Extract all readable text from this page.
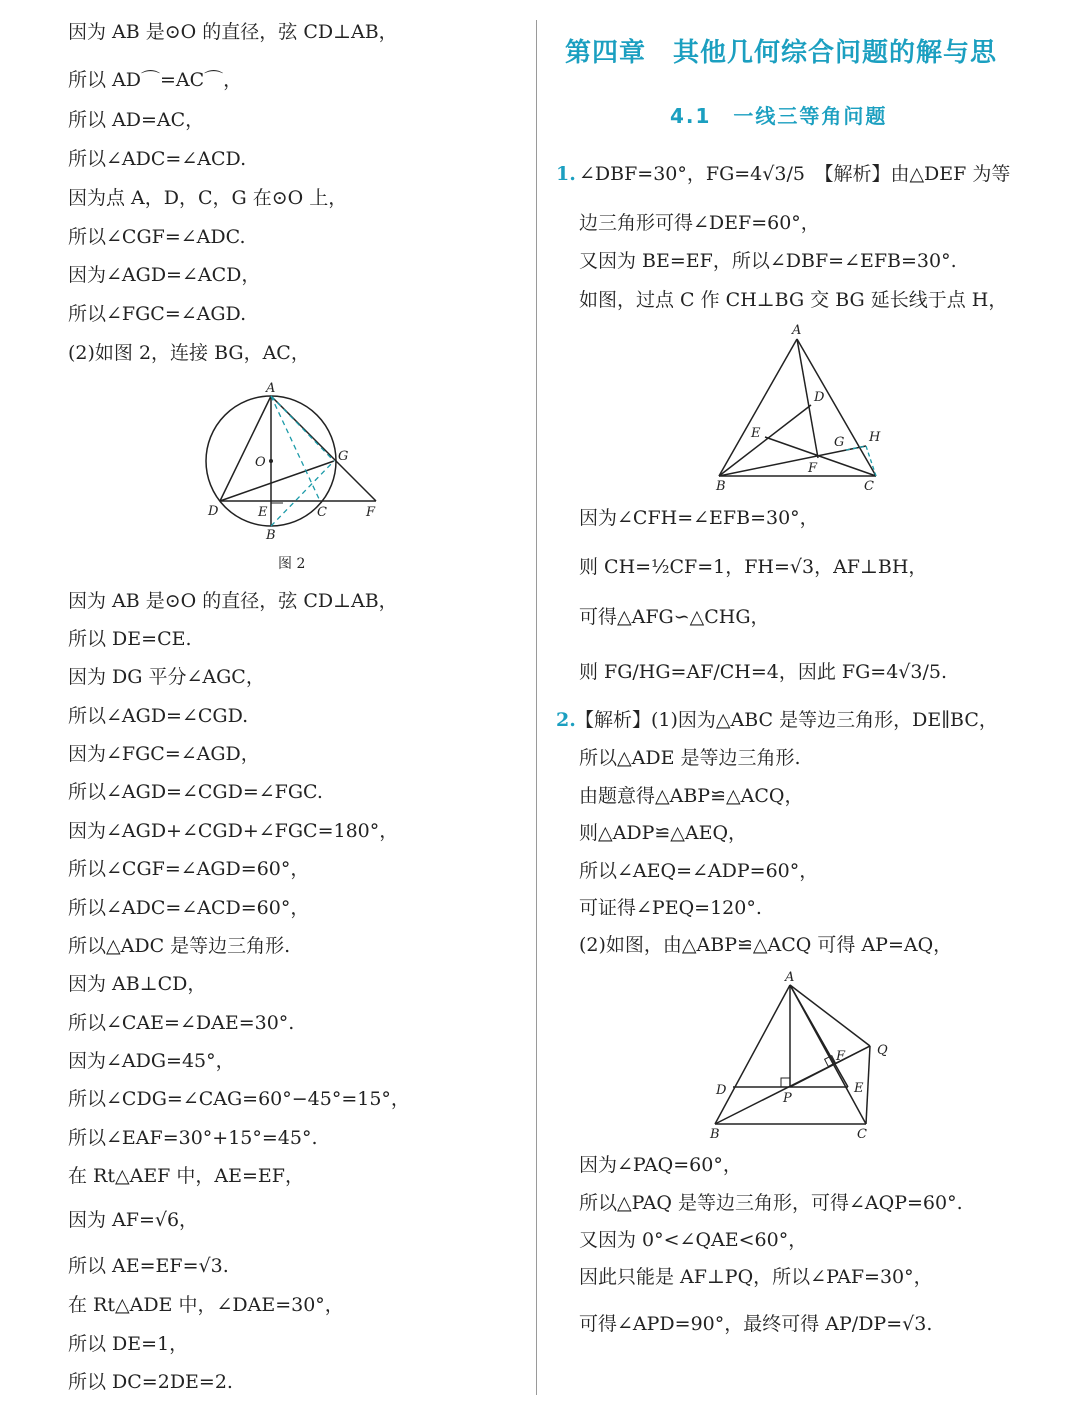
因为 AB 是⊙O 的直径，弦 CD⊥AB，
所以 AD⌒=AC⌒，
所以 AD=AC，
所以∠ADC=∠ACD.
因为点 A，D，C，G 在⊙O 上，
所以∠CGF=∠ADC.
因为∠AGD=∠ACD，
所以∠FGC=∠AGD.
(2)如图 2，连接 BG，AC，
A
O	G
D	E	C	F
B
图 2
因为 AB 是⊙O 的直径，弦 CD⊥AB，
所以 DE=CE.
因为 DG 平分∠AGC，
所以∠AGD=∠CGD.
因为∠FGC=∠AGD，
所以∠AGD=∠CGD=∠FGC.
因为∠AGD+∠CGD+∠FGC=180°，
所以∠CGF=∠AGD=60°，
所以∠ADC=∠ACD=60°，
所以△ADC 是等边三角形.
因为 AB⊥CD，
所以∠CAE=∠DAE=30°.
因为∠ADG=45°，
所以∠CDG=∠CAG=60°−45°=15°，
所以∠EAF=30°+15°=45°.
在 Rt△AEF 中，AE=EF，
因为 AF=√6，
所以 AE=EF=√3.
在 Rt△ADE 中，∠DAE=30°，
所以 DE=1，
所以 DC=2DE=2.
第四章　其他几何综合问题的解与思
4.1　一线三等角问题
1. ∠DBF=30°，FG=4√3/5　【解析】由△DEF 为等
边三角形可得∠DEF=60°，
又因为 BE=EF，所以∠DBF=∠EFB=30°.
如图，过点 C 作 CH⊥BG 交 BG 延长线于点 H，
A
D
E
G H
F
B	C
因为∠CFH=∠EFB=30°，
则 CH=½CF=1，FH=√3，AF⊥BH，
可得△AFG∽△CHG，
则 FG/HG=AF/CH=4，因此 FG=4√3/5.
2. 【解析】(1)因为△ABC 是等边三角形，DE∥BC，
所以△ADE 是等边三角形.
由题意得△ABP≌△ACQ，
则△ADP≌△AEQ，
所以∠AEQ=∠ADP=60°，
可证得∠PEQ=120°.
(2)如图，由△ABP≌△ACQ 可得 AP=AQ，
A
F Q
D	E
P
B	C
因为∠PAQ=60°，
所以△PAQ 是等边三角形，可得∠AQP=60°.
又因为 0°<∠QAE<60°，
因此只能是 AF⊥PQ，所以∠PAF=30°，
可得∠APD=90°，最终可得 AP/DP=√3.
